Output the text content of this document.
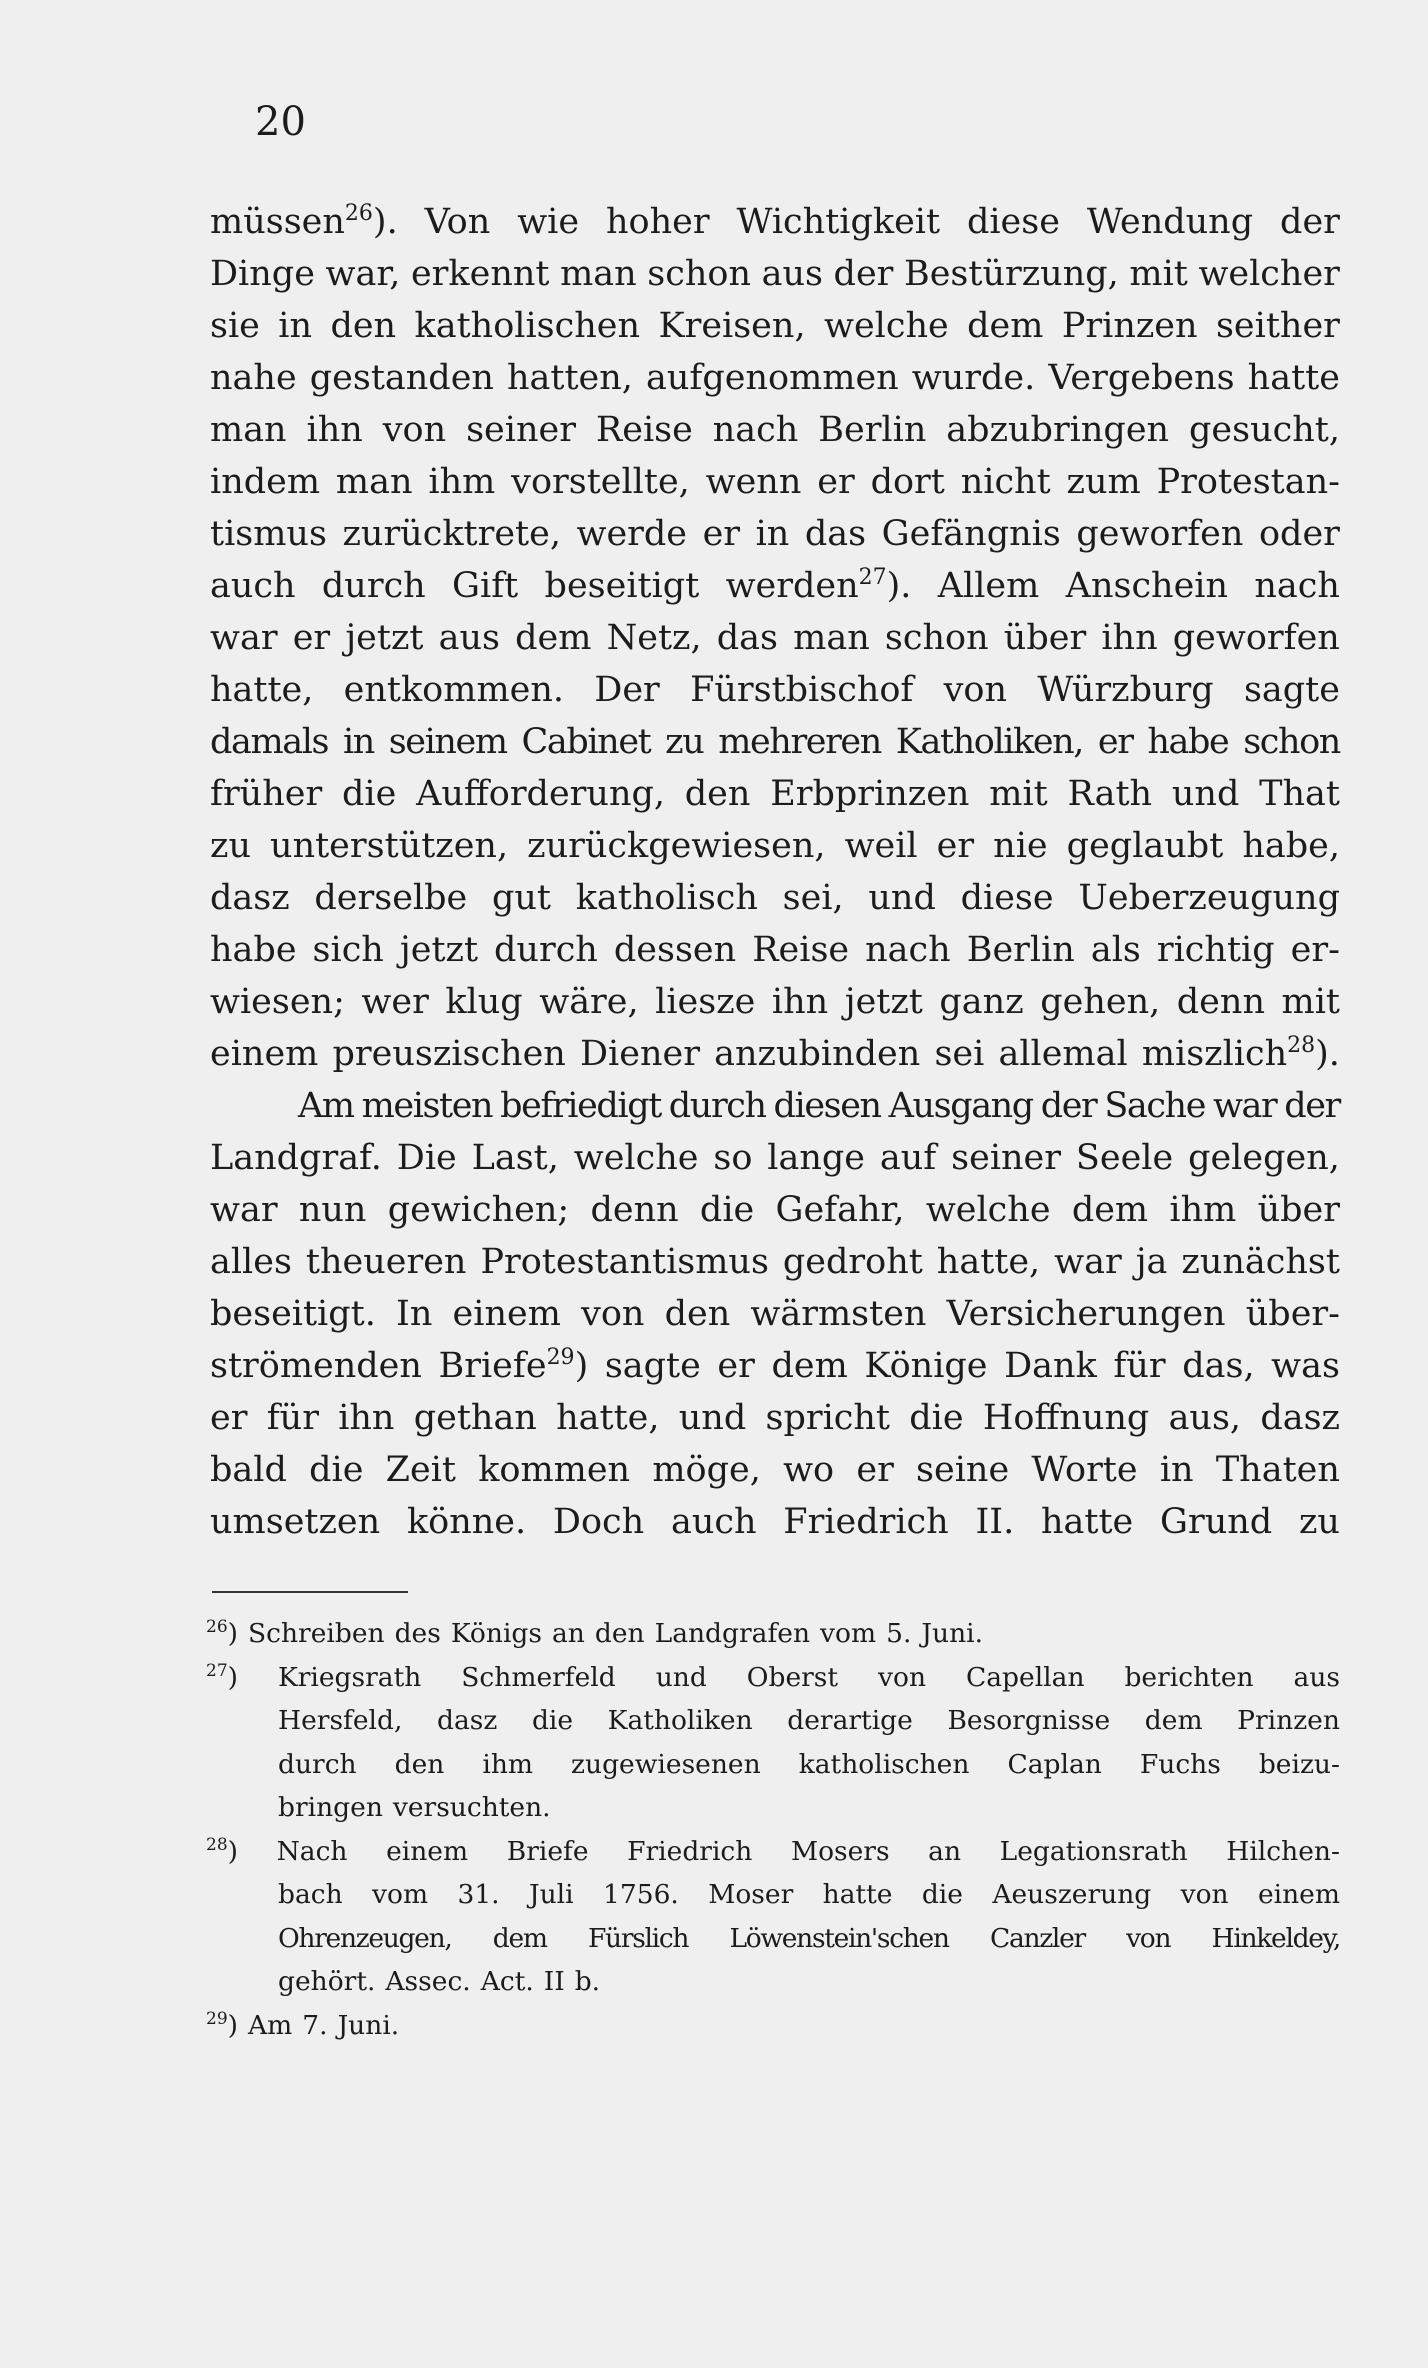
20
müssen$^{26}$). Von wie hoher Wichtigkeit diese Wendung der
Dinge war, erkennt man schon aus der Bestürzung, mit welcher
sie in den katholischen Kreisen, welche dem Prinzen seither
nahe gestanden hatten, aufgenommen wurde. Vergebens hatte
man ihn von seiner Reise nach Berlin abzubringen gesucht,
indem man ihm vorstellte, wenn er dort nicht zum Protestan-
tismus zurücktrete, werde er in das Gefängnis geworfen oder
auch durch Gift beseitigt werden$^{27}$). Allem Anschein nach
war er jetzt aus dem Netz, das man schon über ihn geworfen
hatte, entkommen. Der Fürstbischof von Würzburg sagte
damals in seinem Cabinet zu mehreren Katholiken, er habe schon
früher die Aufforderung, den Erbprinzen mit Rath und That
zu unterstützen, zurückgewiesen, weil er nie geglaubt habe,
dasz derselbe gut katholisch sei, und diese Ueberzeugung
habe sich jetzt durch dessen Reise nach Berlin als richtig er-
wiesen; wer klug wäre, liesze ihn jetzt ganz gehen, denn mit
einem preuszischen Diener anzubinden sei allemal miszlich$^{28}$).
Am meisten befriedigt durch diesen Ausgang der Sache war der
Landgraf. Die Last, welche so lange auf seiner Seele gelegen,
war nun gewichen; denn die Gefahr, welche dem ihm über
alles theueren Protestantismus gedroht hatte, war ja zunächst
beseitigt. In einem von den wärmsten Versicherungen über-
strömenden Briefe$^{29}$) sagte er dem Könige Dank für das, was
er für ihn gethan hatte, und spricht die Hoffnung aus, dasz
bald die Zeit kommen möge, wo er seine Worte in Thaten
umsetzen könne. Doch auch Friedrich II. hatte Grund zu
$^{26}$) Schreiben des Königs an den Landgrafen vom 5. Juni.
$^{27}$) Kriegsrath Schmerfeld und Oberst von Capellan berichten aus
Hersfeld, dasz die Katholiken derartige Besorgnisse dem Prinzen
durch den ihm zugewiesenen katholischen Caplan Fuchs beizu-
bringen versuchten.
$^{28}$) Nach einem Briefe Friedrich Mosers an Legationsrath Hilchen-
bach vom 31. Juli 1756. Moser hatte die Aeuszerung von einem
Ohrenzeugen, dem Fürslich Löwenstein'schen Canzler von Hinkeldey,
gehört. Assec. Act. II b.
$^{29}$) Am 7. Juni.
